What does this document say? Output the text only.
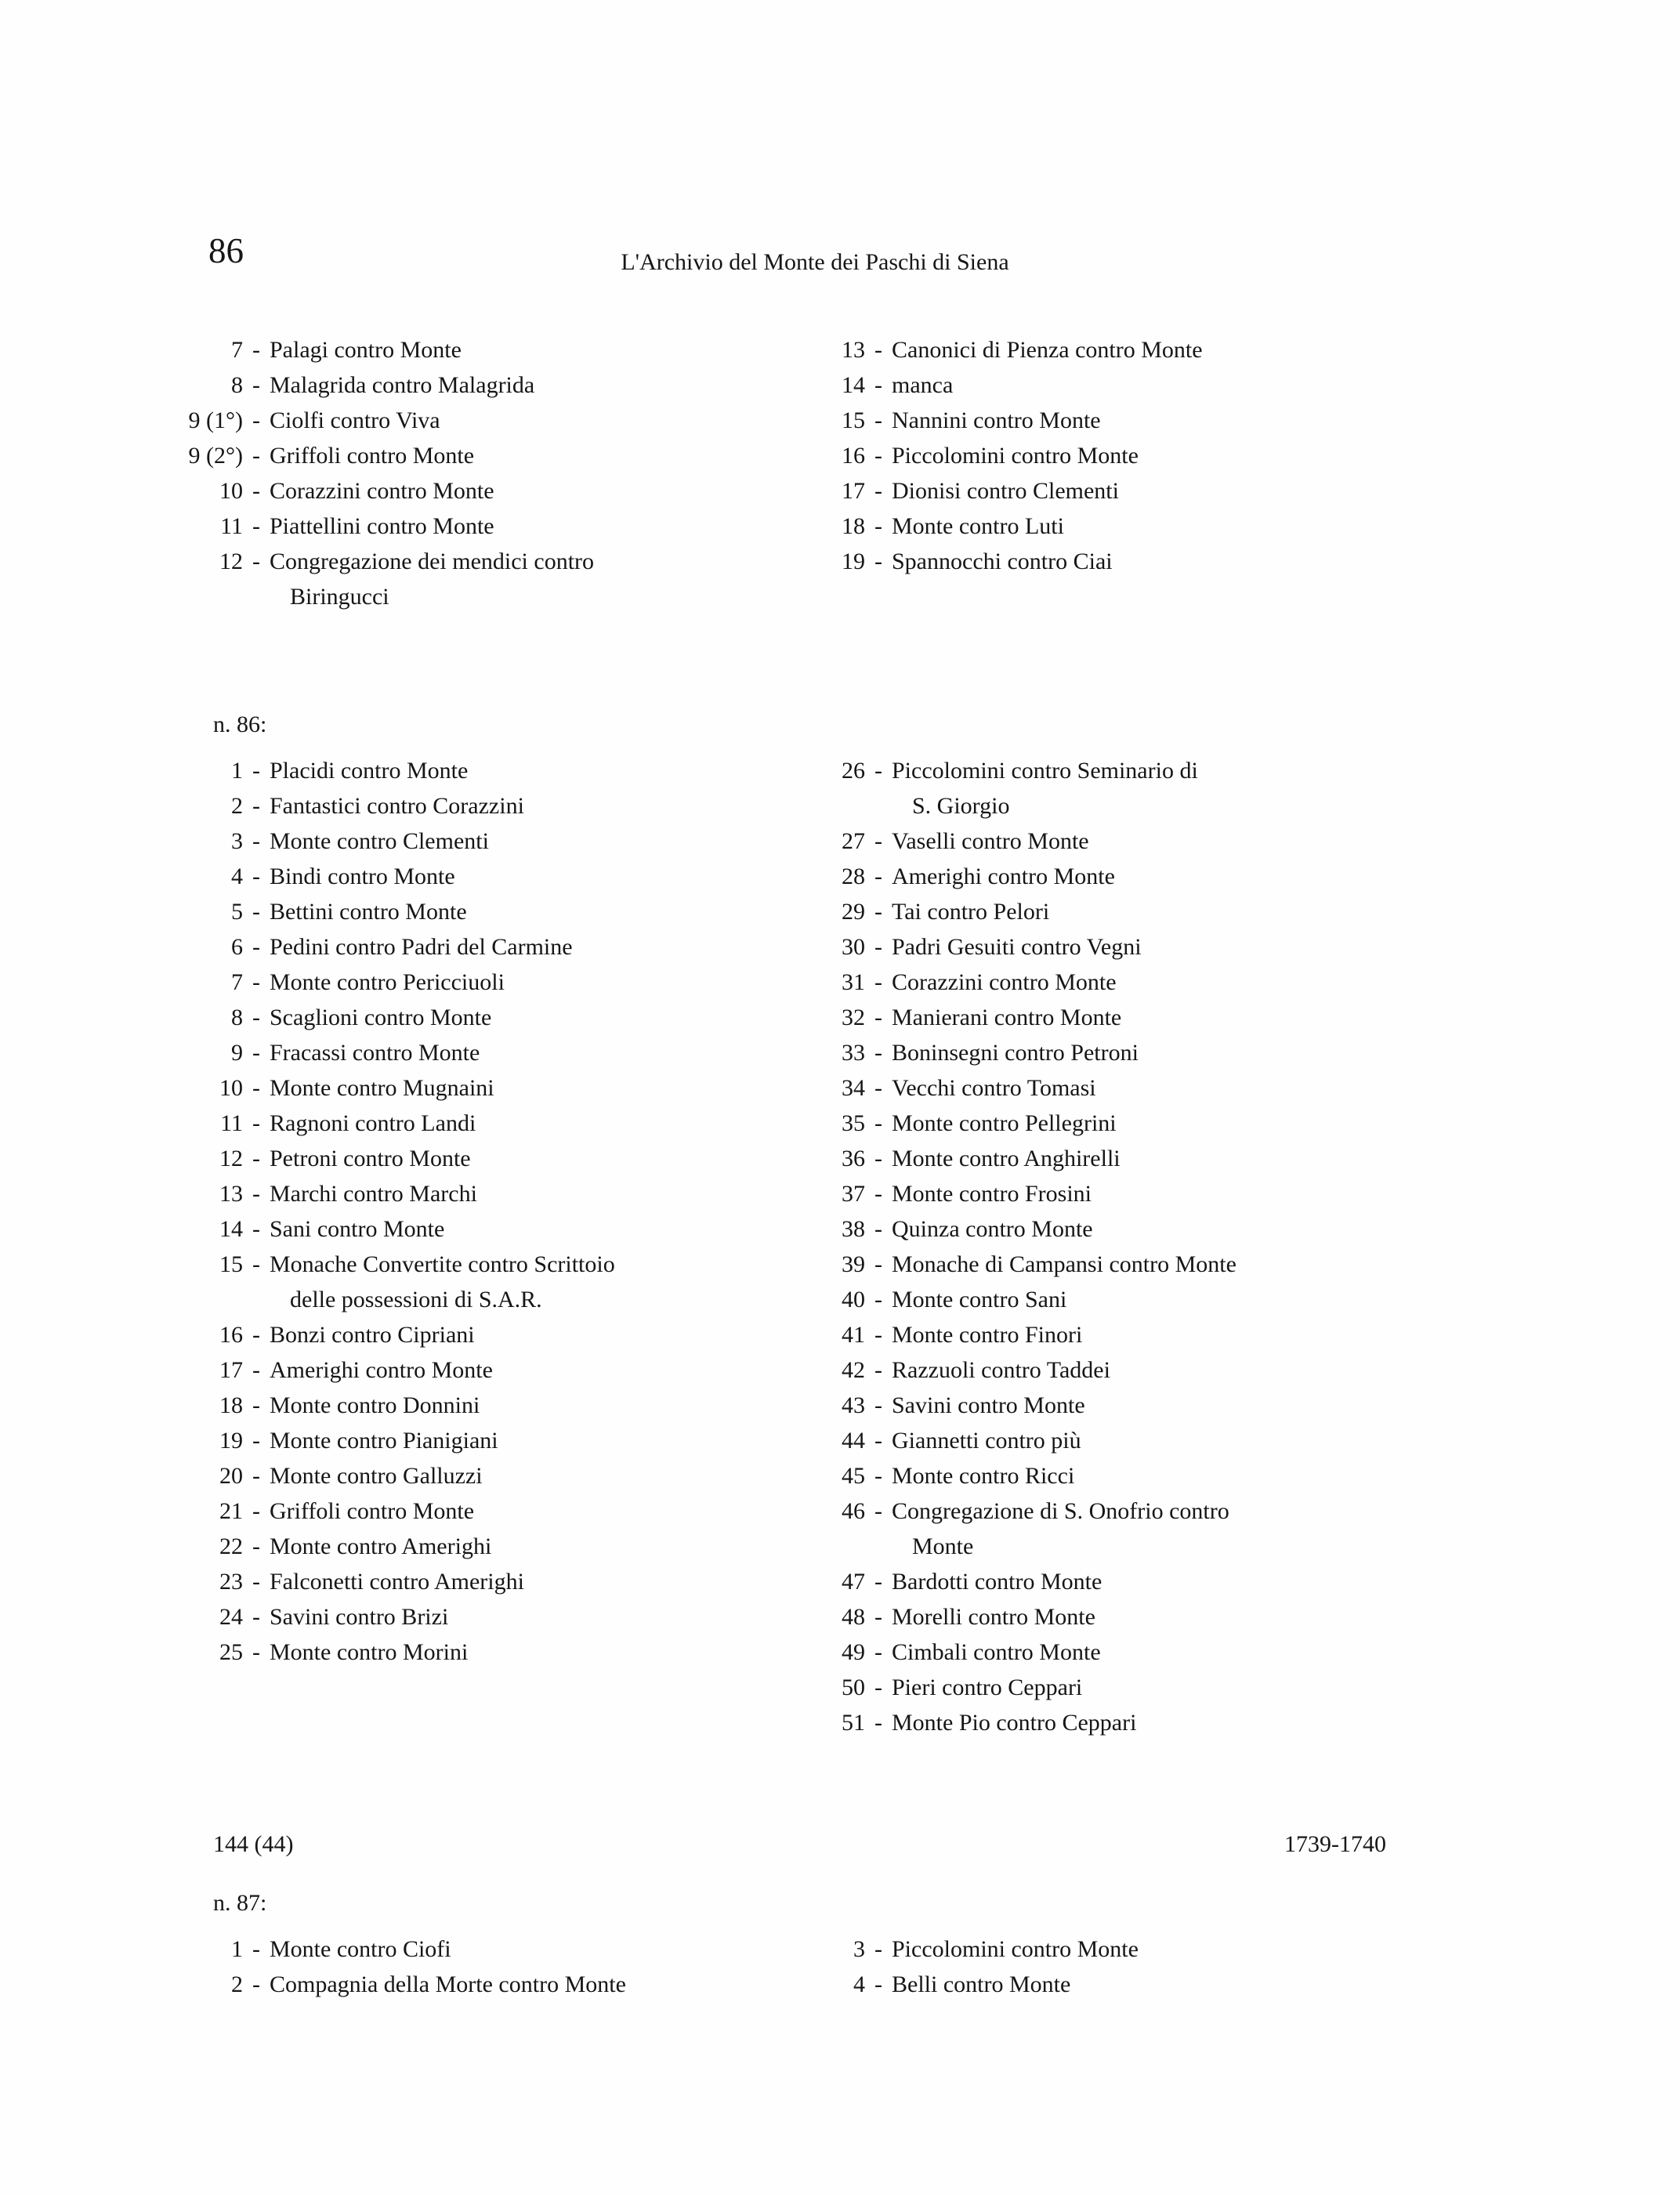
86	L'Archivio del Monte dei Paschi di Siena
7 - Palagi contro Monte
8 - Malagrida contro Malagrida
9 (1°) - Ciolfi contro Viva
9 (2°) - Griffoli contro Monte
10 - Corazzini contro Monte
11 - Piattellini contro Monte
12 - Congregazione dei mendici contro
Biringucci
13 - Canonici di Pienza contro Monte
14 - manca
15 - Nannini contro Monte
16 - Piccolomini contro Monte
17 - Dionisi contro Clementi
18 - Monte contro Luti
19 - Spannocchi contro Ciai
n. 86:
1 - Placidi contro Monte
2 - Fantastici contro Corazzini
3 - Monte contro Clementi
4 - Bindi contro Monte
5 - Bettini contro Monte
6 - Pedini contro Padri del Carmine
7 - Monte contro Pericciuoli
8 - Scaglioni contro Monte
9 - Fracassi contro Monte
10 - Monte contro Mugnaini
11 - Ragnoni contro Landi
12 - Petroni contro Monte
13 - Marchi contro Marchi
14 - Sani contro Monte
15 - Monache Convertite contro Scrittoio
delle possessioni di S.A.R.
16 - Bonzi contro Cipriani
17 - Amerighi contro Monte
18 - Monte contro Donnini
19 - Monte contro Pianigiani
20 - Monte contro Galluzzi
21 - Griffoli contro Monte
22 - Monte contro Amerighi
23 - Falconetti contro Amerighi
24 - Savini contro Brizi
25 - Monte contro Morini
26 - Piccolomini contro Seminario di
S. Giorgio
27 - Vaselli contro Monte
28 - Amerighi contro Monte
29 - Tai contro Pelori
30 - Padri Gesuiti contro Vegni
31 - Corazzini contro Monte
32 - Manierani contro Monte
33 - Boninsegni contro Petroni
34 - Vecchi contro Tomasi
35 - Monte contro Pellegrini
36 - Monte contro Anghirelli
37 - Monte contro Frosini
38 - Quinza contro Monte
39 - Monache di Campansi contro Monte
40 - Monte contro Sani
41 - Monte contro Finori
42 - Razzuoli contro Taddei
43 - Savini contro Monte
44 - Giannetti contro più
45 - Monte contro Ricci
46 - Congregazione di S. Onofrio contro
Monte
47 - Bardotti contro Monte
48 - Morelli contro Monte
49 - Cimbali contro Monte
50 - Pieri contro Ceppari
51 - Monte Pio contro Ceppari
144 (44)	1739-1740
n. 87:
1 - Monte contro Ciofi
2 - Compagnia della Morte contro Monte
3 - Piccolomini contro Monte
4 - Belli contro Monte
